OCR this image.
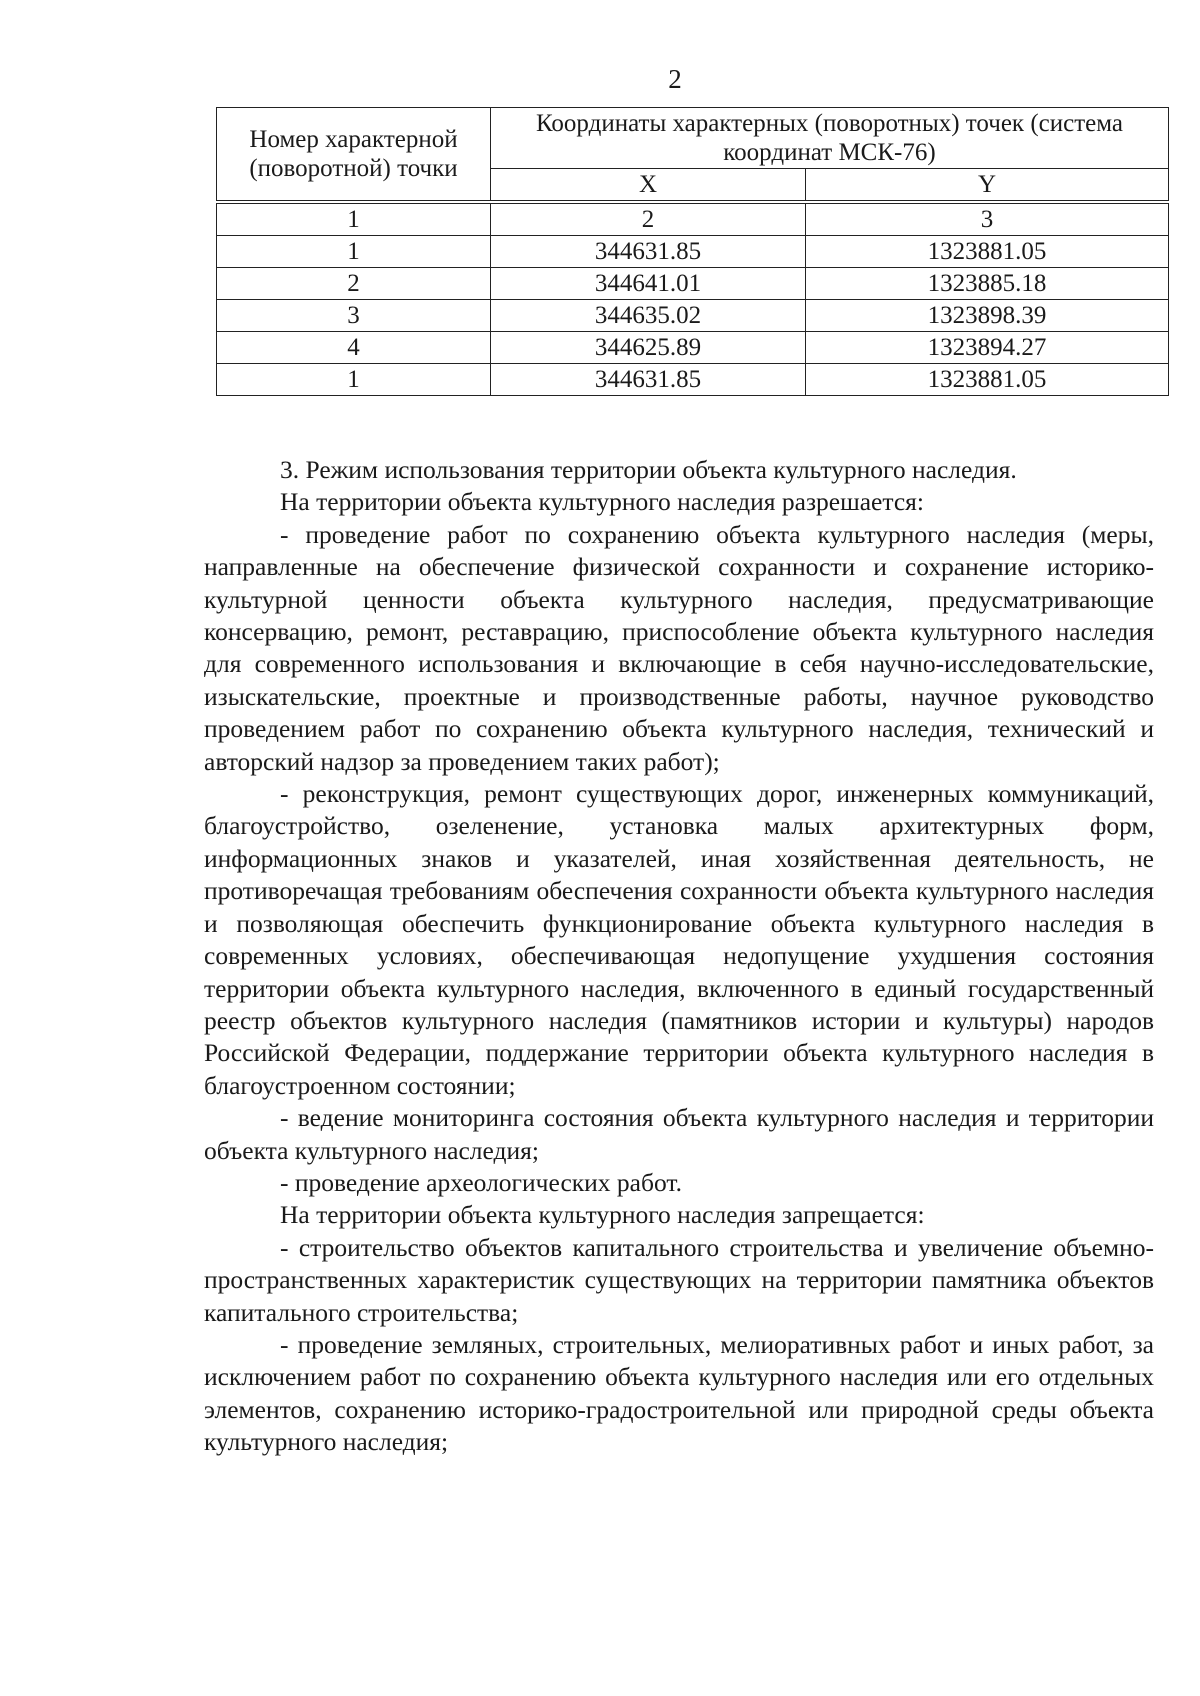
2
Номер характерной (поворотной) точки	Координаты характерных (поворотных) точек (система координат МСК-76)	
	X	Y
1	2	3
1	344631.85	1323881.05
2	344641.01	1323885.18
3	344635.02	1323898.39
4	344625.89	1323894.27
1	344631.85	1323881.05

3. Режим использования территории объекта культурного наследия.

На территории объекта культурного наследия разрешается:

- проведение работ по сохранению объекта культурного наследия (меры, направленные на обеспечение физической сохранности и сохранение историко-культурной ценности объекта культурного наследия, предусматривающие консервацию, ремонт, реставрацию, приспособление объекта культурного наследия для современного использования и включающие в себя научно-исследовательские, изыскательские, проектные и производственные работы, научное руководство проведением работ по сохранению объекта культурного наследия, технический и авторский надзор за проведением таких работ);

- реконструкция, ремонт существующих дорог, инженерных коммуникаций, благоустройство, озеленение, установка малых архитектурных форм, информационных знаков и указателей, иная хозяйственная деятельность, не противоречащая требованиям обеспечения сохранности объекта культурного наследия и позволяющая обеспечить функционирование объекта культурного наследия в современных условиях, обеспечивающая недопущение ухудшения состояния территории объекта культурного наследия, включенного в единый государственный реестр объектов культурного наследия (памятников истории и культуры) народов Российской Федерации, поддержание территории объекта культурного наследия в благоустроенном состоянии;

- ведение мониторинга состояния объекта культурного наследия и территории объекта культурного наследия;

- проведение археологических работ.

На территории объекта культурного наследия запрещается:

- строительство объектов капитального строительства и увеличение объемно-пространственных характеристик существующих на территории памятника объектов капитального строительства;

- проведение земляных, строительных, мелиоративных работ и иных работ, за исключением работ по сохранению объекта культурного наследия или его отдельных элементов, сохранению историко-градостроительной или природной среды объекта культурного наследия;
